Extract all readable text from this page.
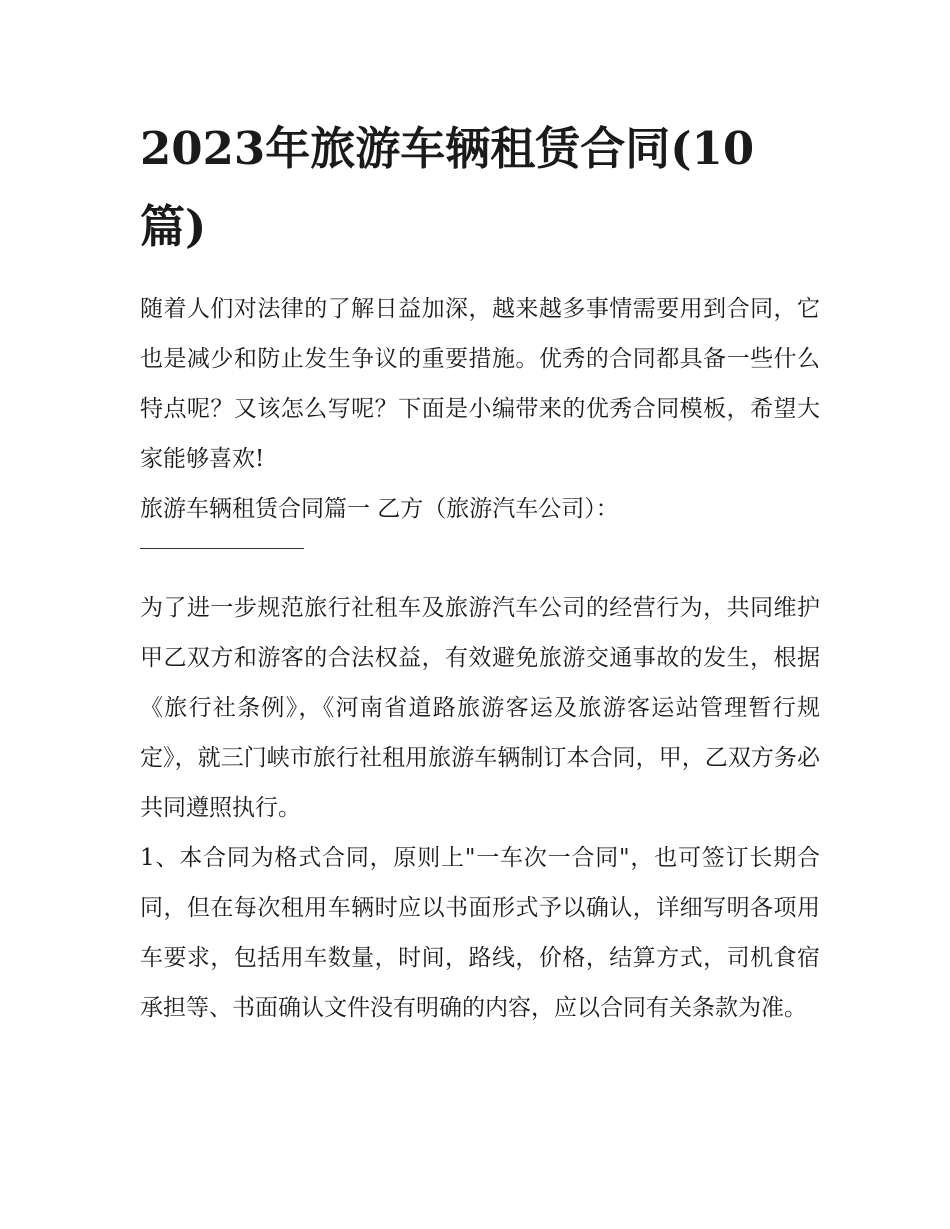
2023年旅游车辆租赁合同(10篇)

随着人们对法律的了解日益加深，越来越多事情需要用到合同，它也是减少和防止发生争议的重要措施。优秀的合同都具备一些什么特点呢？又该怎么写呢？下面是小编带来的优秀合同模板，希望大家能够喜欢!

旅游车辆租赁合同篇一 乙方（旅游汽车公司）：

为了进一步规范旅行社租车及旅游汽车公司的经营行为，共同维护甲乙双方和游客的合法权益，有效避免旅游交通事故的发生，根据《旅行社条例》，《河南省道路旅游客运及旅游客运站管理暂行规定》，就三门峡市旅行社租用旅游车辆制订本合同，甲，乙双方务必共同遵照执行。

1、本合同为格式合同，原则上"一车次一合同"，也可签订长期合同，但在每次租用车辆时应以书面形式予以确认，详细写明各项用车要求，包括用车数量，时间，路线，价格，结算方式，司机食宿承担等、书面确认文件没有明确的内容，应以合同有关条款为准。
